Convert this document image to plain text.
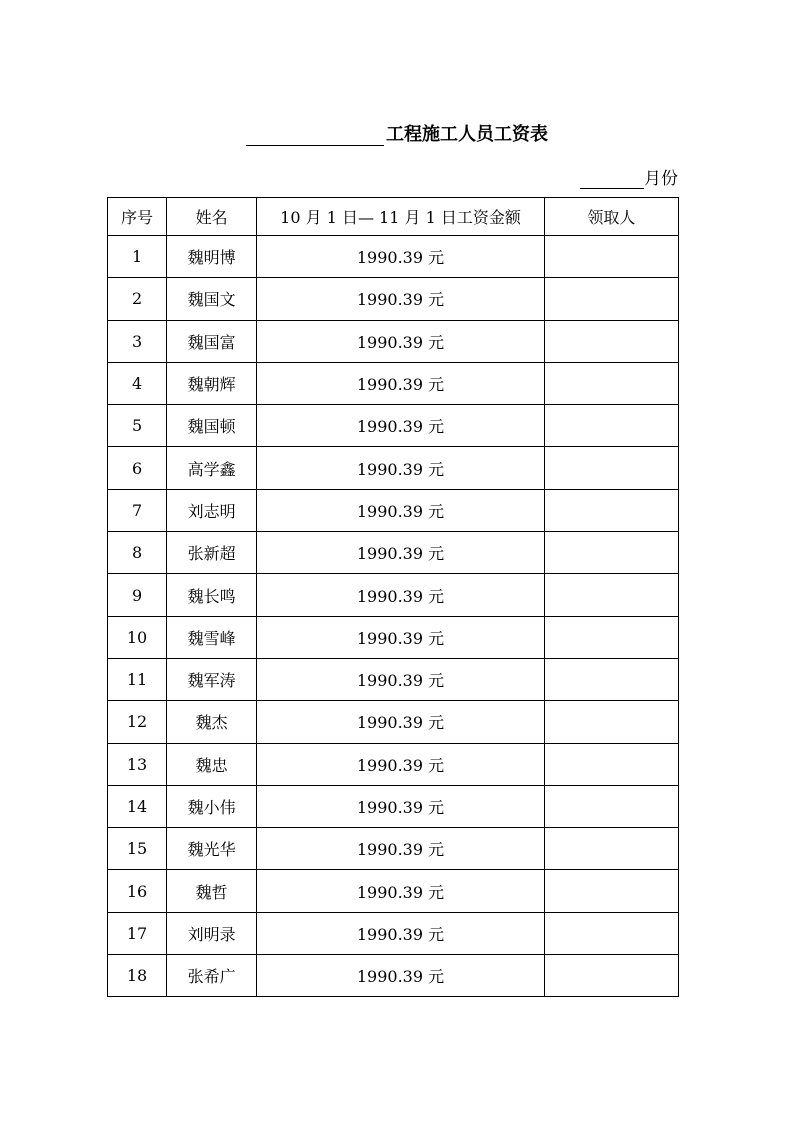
工程施工人员工资表
月份
序号	姓名	10 月 1 日— 11 月 1 日工资金额	领取人
1	魏明博	1990.39 元	
2	魏国文	1990.39 元	
3	魏国富	1990.39 元	
4	魏朝辉	1990.39 元	
5	魏国顿	1990.39 元	
6	高学鑫	1990.39 元	
7	刘志明	1990.39 元	
8	张新超	1990.39 元	
9	魏长鸣	1990.39 元	
10	魏雪峰	1990.39 元	
11	魏军涛	1990.39 元	
12	魏杰	1990.39 元	
13	魏忠	1990.39 元	
14	魏小伟	1990.39 元	
15	魏光华	1990.39 元	
16	魏哲	1990.39 元	
17	刘明录	1990.39 元	
18	张希广	1990.39 元	
